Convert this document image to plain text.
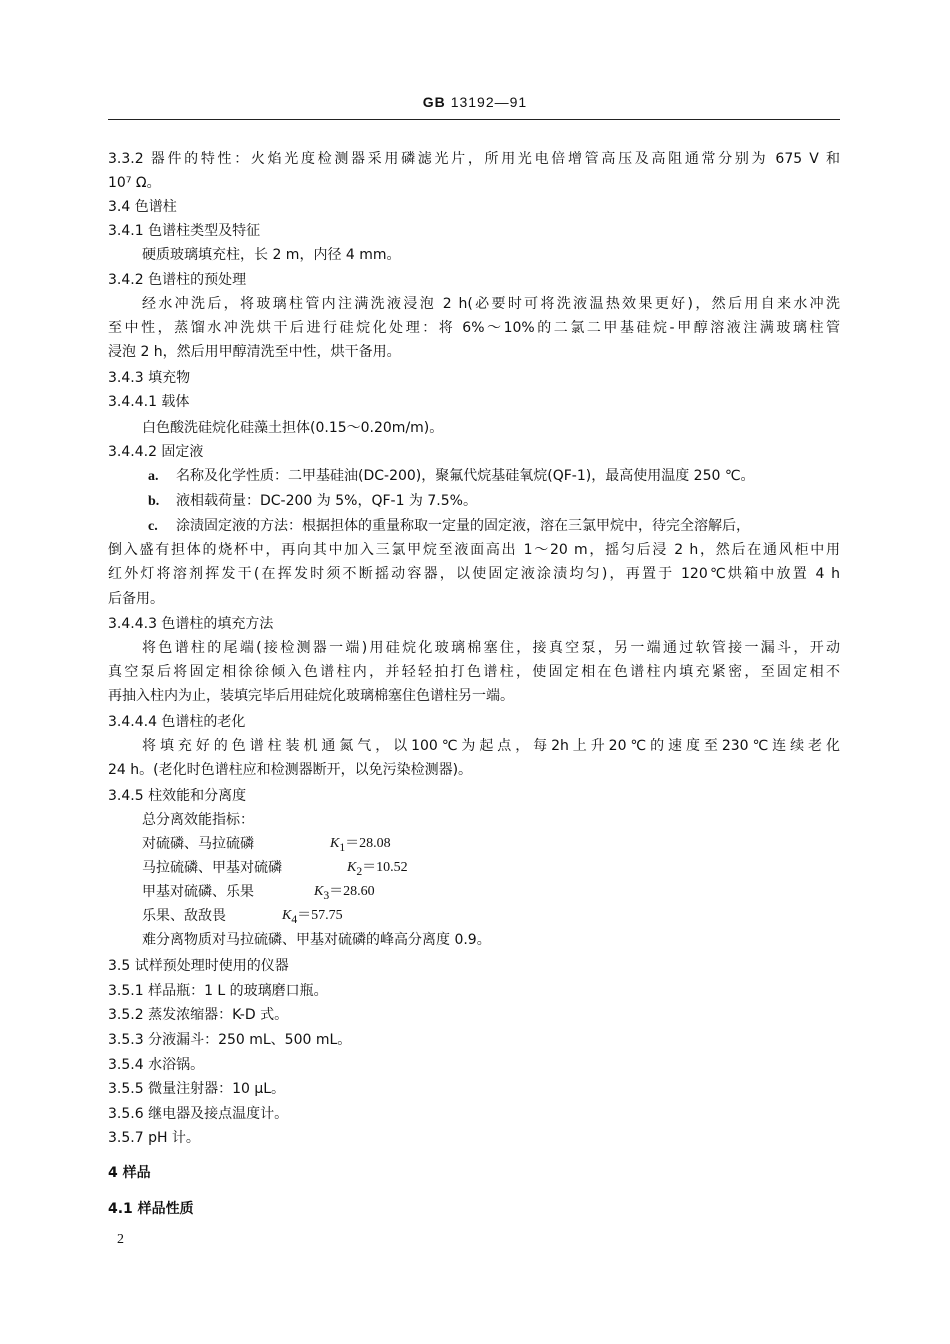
GB 13192—91
3.3.2 器件的特性：火焰光度检测器采用磷滤光片，所用光电倍增管高压及高阻通常分别为 675 V 和
10⁷ Ω。
3.4 色谱柱
3.4.1 色谱柱类型及特征
硬质玻璃填充柱，长 2 m，内径 4 mm。
3.4.2 色谱柱的预处理
经水冲洗后，将玻璃柱管内注满洗液浸泡 2 h(必要时可将洗液温热效果更好)，然后用自来水冲洗
至中性，蒸馏水冲洗烘干后进行硅烷化处理：将 6%～10%的二氯二甲基硅烷-甲醇溶液注满玻璃柱管
浸泡 2 h，然后用甲醇清洗至中性，烘干备用。
3.4.3 填充物
3.4.4.1 载体
白色酸洗硅烷化硅藻土担体(0.15～0.20m/m)。
3.4.4.2 固定液
a. 名称及化学性质：二甲基硅油(DC-200)，聚氟代烷基硅氧烷(QF-1)，最高使用温度 250 ℃。
b. 液相载荷量：DC-200 为 5%，QF-1 为 7.5%。
c. 涂渍固定液的方法：根据担体的重量称取一定量的固定液，溶在三氯甲烷中，待完全溶解后，
倒入盛有担体的烧杯中，再向其中加入三氯甲烷至液面高出 1～20 m，摇匀后浸 2 h，然后在通风柜中用
红外灯将溶剂挥发干(在挥发时须不断摇动容器，以使固定液涂渍均匀)，再置于 120℃烘箱中放置 4 h
后备用。
3.4.4.3 色谱柱的填充方法
将色谱柱的尾端(接检测器一端)用硅烷化玻璃棉塞住，接真空泵，另一端通过软管接一漏斗，开动
真空泵后将固定相徐徐倾入色谱柱内，并轻轻拍打色谱柱，使固定相在色谱柱内填充紧密，至固定相不
再抽入柱内为止，装填完毕后用硅烷化玻璃棉塞住色谱柱另一端。
3.4.4.4 色谱柱的老化
将填充好的色谱柱装机通氮气，以100℃为起点，每2h上升20℃的速度至230℃连续老化
24 h。(老化时色谱柱应和检测器断开，以免污染检测器)。
3.4.5 柱效能和分离度
总分离效能指标：
对硫磷、马拉硫磷	$K_1=28.08$
马拉硫磷、甲基对硫磷	$K_2=10.52$
甲基对硫磷、乐果	$K_3=28.60$
乐果、敌敌畏	$K_4=57.75$
难分离物质对马拉硫磷、甲基对硫磷的峰高分离度 0.9。
3.5 试样预处理时使用的仪器
3.5.1 样品瓶：1 L 的玻璃磨口瓶。
3.5.2 蒸发浓缩器：K-D 式。
3.5.3 分液漏斗：250 mL、500 mL。
3.5.4 水浴锅。
3.5.5 微量注射器：10 μL。
3.5.6 继电器及接点温度计。
3.5.7 pH 计。
4 样品
4.1 样品性质
2
